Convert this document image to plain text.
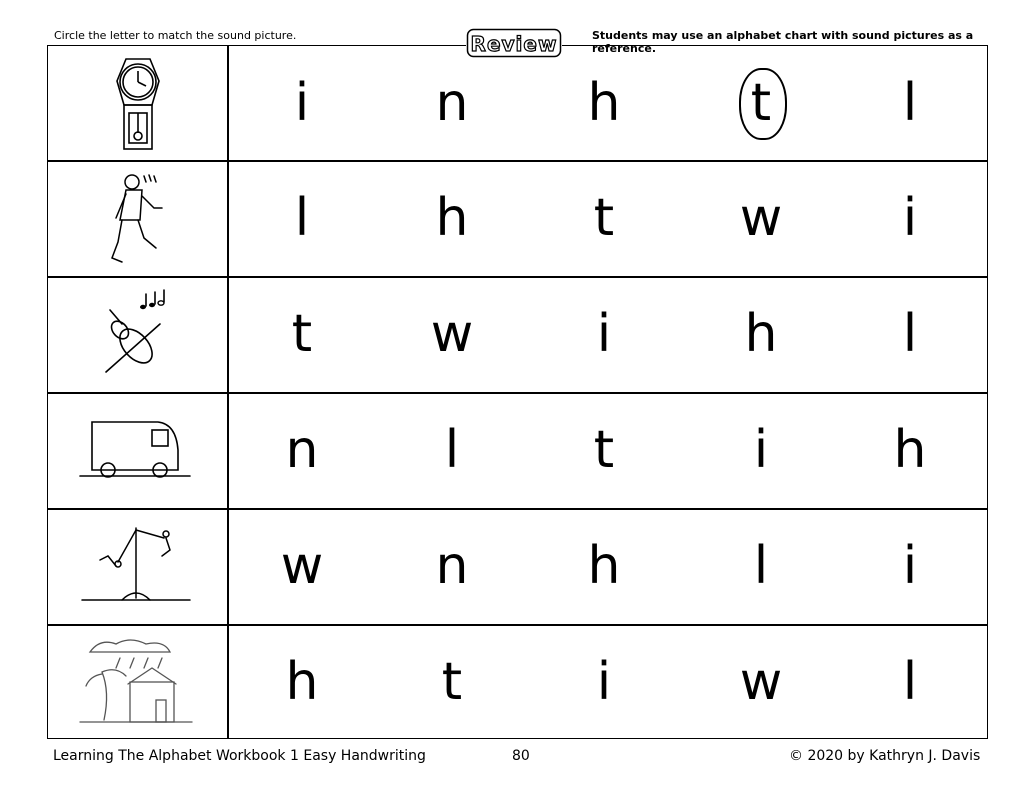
Circle the letter to match the sound picture.	Review	Students may use an alphabet chart with sound pictures as a reference.
i	n	h	t	l
l	h	t	w	i
t	w	i	h	l
n	l	t	i	h
w	n	h	l	i
h	t	i	w	l
Learning The Alphabet Workbook 1 Easy Handwriting	80	© 2020 by Kathryn J. Davis
